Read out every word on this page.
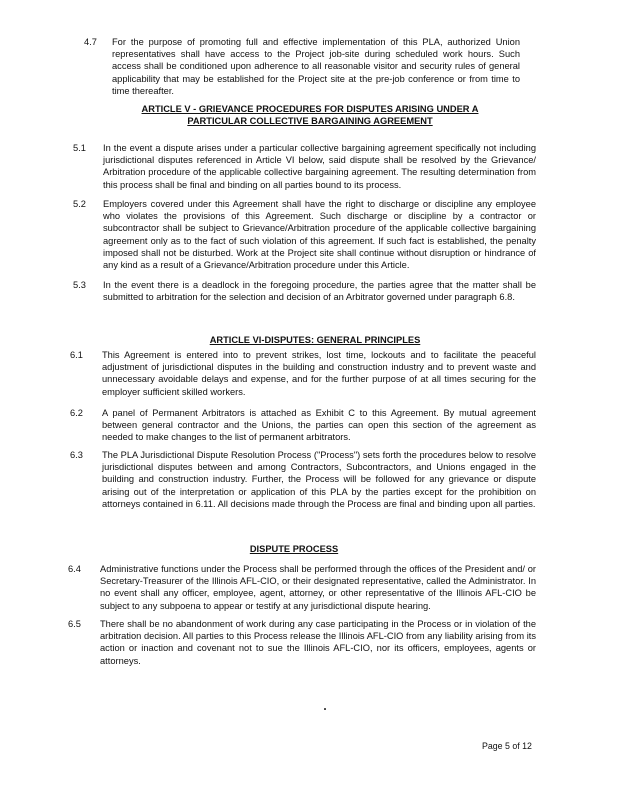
4.7 For the purpose of promoting full and effective implementation of this PLA, authorized Union representatives shall have access to the Project job-site during scheduled work hours. Such access shall be conditioned upon adherence to all reasonable visitor and security rules of general applicability that may be established for the Project site at the pre-job conference or from time to time thereafter.
ARTICLE V - GRIEVANCE PROCEDURES FOR DISPUTES ARISING UNDER A
PARTICULAR COLLECTIVE BARGAINING AGREEMENT
5.1 In the event a dispute arises under a particular collective bargaining agreement specifically not including jurisdictional disputes referenced in Article VI below, said dispute shall be resolved by the Grievance/ Arbitration procedure of the applicable collective bargaining agreement. The resulting determination from this process shall be final and binding on all parties bound to its process.
5.2 Employers covered under this Agreement shall have the right to discharge or discipline any employee who violates the provisions of this Agreement. Such discharge or discipline by a contractor or subcontractor shall be subject to Grievance/Arbitration procedure of the applicable collective bargaining agreement only as to the fact of such violation of this agreement. If such fact is established, the penalty imposed shall not be disturbed. Work at the Project site shall continue without disruption or hindrance of any kind as a result of a Grievance/Arbitration procedure under this Article.
5.3 In the event there is a deadlock in the foregoing procedure, the parties agree that the matter shall be submitted to arbitration for the selection and decision of an Arbitrator governed under paragraph 6.8.
ARTICLE VI-DISPUTES: GENERAL PRINCIPLES
6.1 This Agreement is entered into to prevent strikes, lost time, lockouts and to facilitate the peaceful adjustment of jurisdictional disputes in the building and construction industry and to prevent waste and unnecessary avoidable delays and expense, and for the further purpose of at all times securing for the employer sufficient skilled workers.
6.2 A panel of Permanent Arbitrators is attached as Exhibit C to this Agreement. By mutual agreement between general contractor and the Unions, the parties can open this section of the agreement as needed to make changes to the list of permanent arbitrators.
6.3 The PLA Jurisdictional Dispute Resolution Process ("Process") sets forth the procedures below to resolve jurisdictional disputes between and among Contractors, Subcontractors, and Unions engaged in the building and construction industry. Further, the Process will be followed for any grievance or dispute arising out of the interpretation or application of this PLA by the parties except for the prohibition on attorneys contained in 6.11. All decisions made through the Process are final and binding upon all parties.
DISPUTE PROCESS
6.4 Administrative functions under the Process shall be performed through the offices of the President and/ or Secretary-Treasurer of the Illinois AFL-CIO, or their designated representative, called the Administrator. In no event shall any officer, employee, agent, attorney, or other representative of the Illinois AFL-CIO be subject to any subpoena to appear or testify at any jurisdictional dispute hearing.
6.5 There shall be no abandonment of work during any case participating in the Process or in violation of the arbitration decision. All parties to this Process release the Illinois AFL-CIO from any liability arising from its action or inaction and covenant not to sue the Illinois AFL-CIO, nor its officers, employees, agents or attorneys.
Page 5 of 12
